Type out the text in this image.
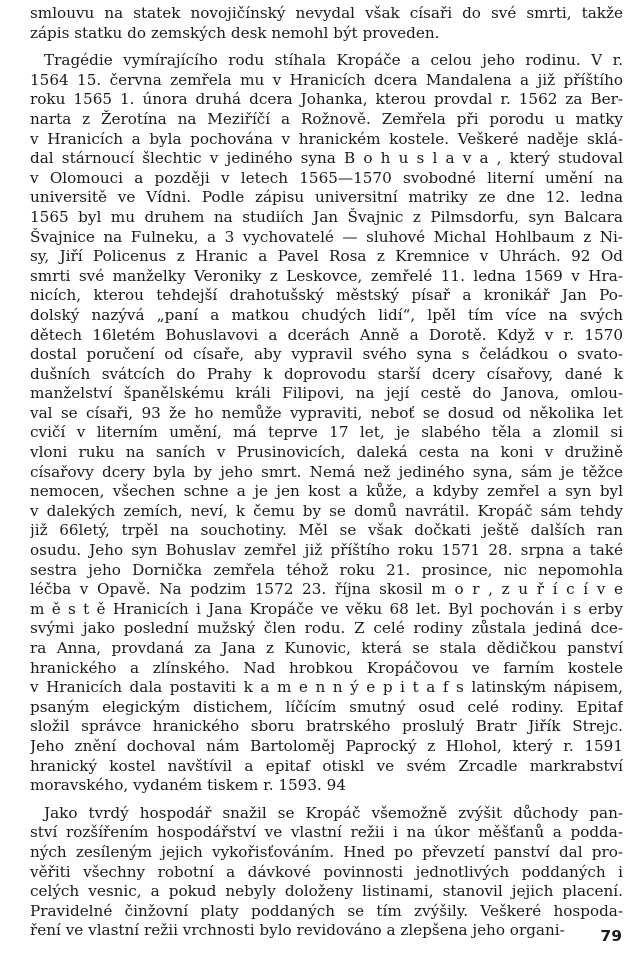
smlouvu na statek novojičínský nevydal však císaři do své smrti, takže
zápis statku do zemských desk nemohl být proveden.
Tragédie vymírajícího rodu stíhala Kropáče a celou jeho rodinu. V r.
1564 15. června zemřela mu v Hranicích dcera Mandalena a již příštího
roku 1565 1. února druhá dcera Johanka, kterou provdal r. 1562 za Ber-
narta z Žerotína na Meziříčí a Rožnově. Zemřela při porodu u matky
v Hranicích a byla pochována v hranickém kostele. Veškeré naděje sklá-
dal stárnoucí šlechtic v jediného syna B o h u s l a v a , který studoval
v Olomouci a později v letech 1565—1570 svobodné literní umění na
universitě ve Vídni. Podle zápisu universitní matriky ze dne 12. ledna
1565 byl mu druhem na studiích Jan Švajnic z Pilmsdorfu, syn Balcara
Švajnice na Fulneku, a 3 vychovatelé — sluhové Michal Hohlbaum z Ni-
sy, Jiří Policenus z Hranic a Pavel Rosa z Kremnice v Uhrách. 92 Od
smrti své manželky Veroniky z Leskovce, zemřelé 11. ledna 1569 v Hra-
nicích, kterou tehdejší drahotušský městský písař a kronikář Jan Po-
dolský nazývá „paní a matkou chudých lidí“, lpěl tím více na svých
dětech 16letém Bohuslavovi a dcerách Anně a Dorotě. Když v r. 1570
dostal poručení od císaře, aby vypravil svého syna s čeládkou o svato-
dušních svátcích do Prahy k doprovodu starší dcery císařovy, dané k
manželství španělskému králi Filipovi, na její cestě do Janova, omlou-
val se císaři, 93 že ho nemůže vypraviti, neboť se dosud od několika let
cvičí v literním umění, má teprve 17 let, je slabého těla a zlomil si
vloni ruku na saních v Prusinovicích, daleká cesta na koni v družině
císařovy dcery byla by jeho smrt. Nemá než jediného syna, sám je těžce
nemocen, všechen schne a je jen kost a kůže, a kdyby zemřel a syn byl
v dalekých zemích, neví, k čemu by se domů navrátil. Kropáč sám tehdy
již 66letý, trpěl na souchotiny. Měl se však dočkati ještě dalších ran
osudu. Jeho syn Bohuslav zemřel již příštího roku 1571 28. srpna a také
sestra jeho Dornička zemřela téhož roku 21. prosince, nic nepomohla
léčba v Opavě. Na podzim 1572 23. října skosil m o r , z u ř í c í v e
m ě s t ě Hranicích i Jana Kropáče ve věku 68 let. Byl pochován i s erby
svými jako poslední mužský člen rodu. Z celé rodiny zůstala jediná dce-
ra Anna, provdaná za Jana z Kunovic, která se stala dědičkou panství
hranického a zlínského. Nad hrobkou Kropáčovou ve farním kostele
v Hranicích dala postaviti k a m e n n ý e p i t a f s latinským nápisem,
psaným elegickým distichem, líčícím smutný osud celé rodiny. Epitaf
složil správce hranického sboru bratrského proslulý Bratr Jiřík Strejc.
Jeho znění dochoval nám Bartoloměj Paprocký z Hlohol, který r. 1591
hranický kostel navštívil a epitaf otiskl ve svém Zrcadle markrabství
moravského, vydaném tiskem r. 1593. 94
Jako tvrdý hospodář snažil se Kropáč všemožně zvýšit důchody pan-
ství rozšířením hospodářství ve vlastní režii i na úkor měšťanů a podda-
ných zesíleným jejich vykořisťováním. Hned po převzetí panství dal pro-
věřiti všechny robotní a dávkové povinnosti jednotlivých poddaných i
celých vesnic, a pokud nebyly doloženy listinami, stanovil jejich placení.
Pravidelné činžovní platy poddaných se tím zvýšily. Veškeré hospoda-
ření ve vlastní režii vrchnosti bylo revidováno a zlepšena jeho organi-	79
